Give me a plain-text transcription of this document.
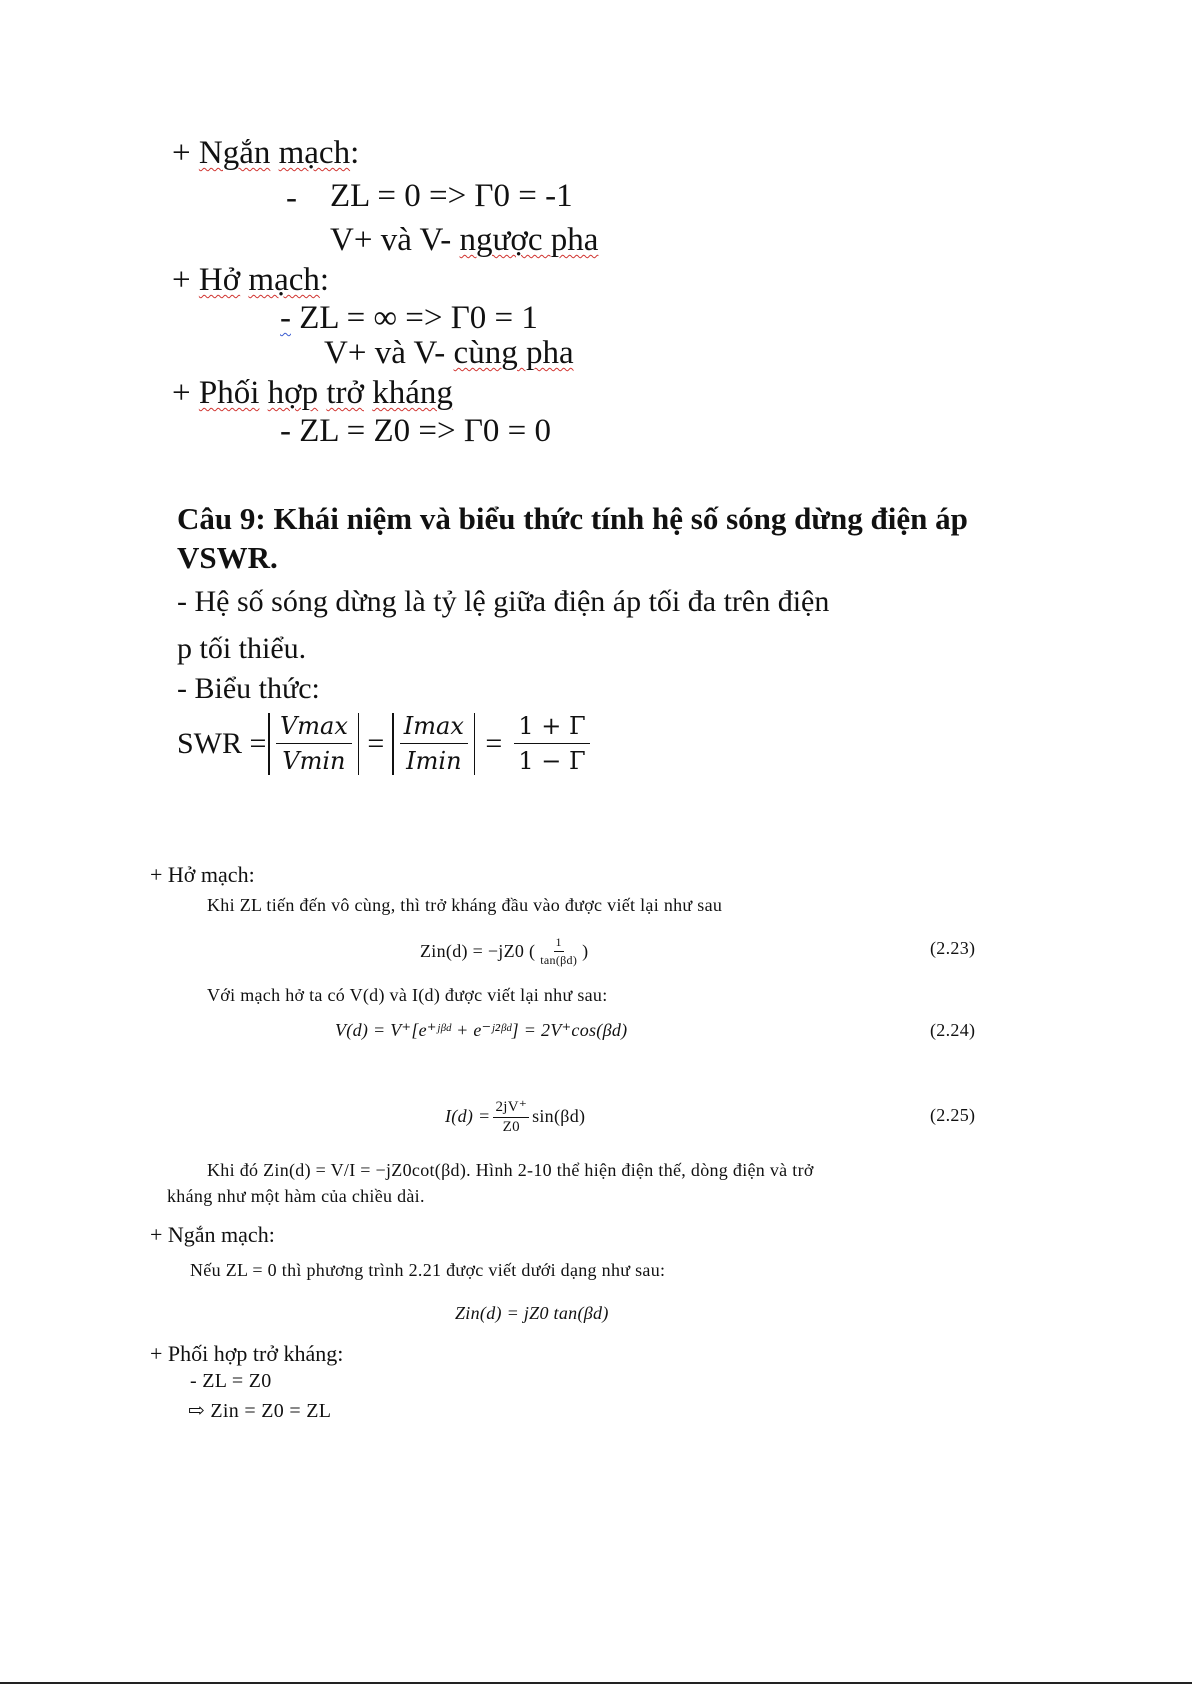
+ Ngắn mạch:
- ZL = 0 => Γ0 = -1
V+ và V- ngược pha
+ Hở mạch:
- ZL = ∞ => Γ0 = 1
V+ và V- cùng pha
+ Phối hợp trở kháng
- ZL = Z0 => Γ0 = 0
Câu 9: Khái niệm và biểu thức tính hệ số sóng dừng điện áp
VSWR.
- Hệ số sóng dừng là tỷ lệ giữa điện áp tối đa trên điện
p tối thiểu.
- Biểu thức:
SWR = $\frac{Vmax}{Vmin} = \frac{Imax}{Imin} = \frac{1 + \Gamma}{1 - \Gamma}$
+ Hở mạch:
Khi ZL tiến đến vô cùng, thì trở kháng đầu vào được viết lại như sau
Zin(d) = −jZ0 ( $\frac{1}{\tan(\beta d)}$ )	(2.23)
Với mạch hở ta có V(d) và I(d) được viết lại như sau:
V(d) = V⁺[e⁺ʲᵝᵈ + e⁻ʲ²ᵝᵈ] = 2V⁺cos(βd)	(2.24)
$I(d) = \frac{2jV^+}{Z0} \sin(\beta d)$	(2.25)
Khi đó Zin(d) = V/I = −jZ0cot(βd). Hình 2-10 thể hiện điện thế, dòng điện và trở
kháng như một hàm của chiều dài.
+ Ngắn mạch:
Nếu ZL = 0 thì phương trình 2.21 được viết dưới dạng như sau:
Zin(d) = jZ0 tan(βd)
+ Phối hợp trở kháng:
- ZL = Z0
⇨ Zin = Z0 = ZL
